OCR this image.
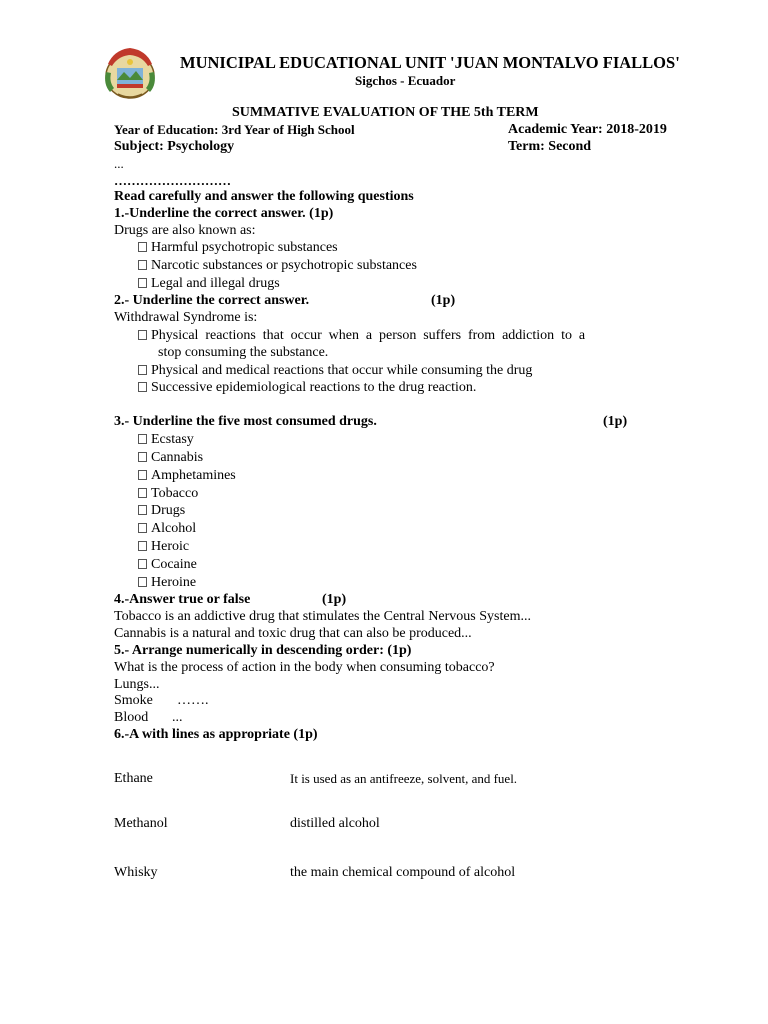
MUNICIPAL EDUCATIONAL UNIT 'JUAN MONTALVO FIALLOS'
Sigchos - Ecuador
SUMMATIVE EVALUATION OF THE 5th TERM
Year of Education: 3rd Year of High School	Academic Year: 2018-2019
Subject: Psychology	Term: Second
...
………………………
Read carefully and answer the following questions
1.-Underline the correct answer. (1p)
Drugs are also known as:
Harmful psychotropic substances
Narcotic substances or psychotropic substances
Legal and illegal drugs
2.- Underline the correct answer.	(1p)
Withdrawal Syndrome is:
Physical reactions that occur when a person suffers from addiction to a
stop consuming the substance.
Physical and medical reactions that occur while consuming the drug
Successive epidemiological reactions to the drug reaction.
3.- Underline the five most consumed drugs.	(1p)
Ecstasy
Cannabis
Amphetamines
Tobacco
Drugs
Alcohol
Heroic
Cocaine
Heroine
4.-Answer true or false	(1p)
Tobacco is an addictive drug that stimulates the Central Nervous System...
Cannabis is a natural and toxic drug that can also be produced...
5.- Arrange numerically in descending order: (1p)
What is the process of action in the body when consuming tobacco?
Lungs...
Smoke …….
Blood ...
6.-A with lines as appropriate (1p)
Ethane	It is used as an antifreeze, solvent, and fuel.
Methanol	distilled alcohol
Whisky	the main chemical compound of alcohol
